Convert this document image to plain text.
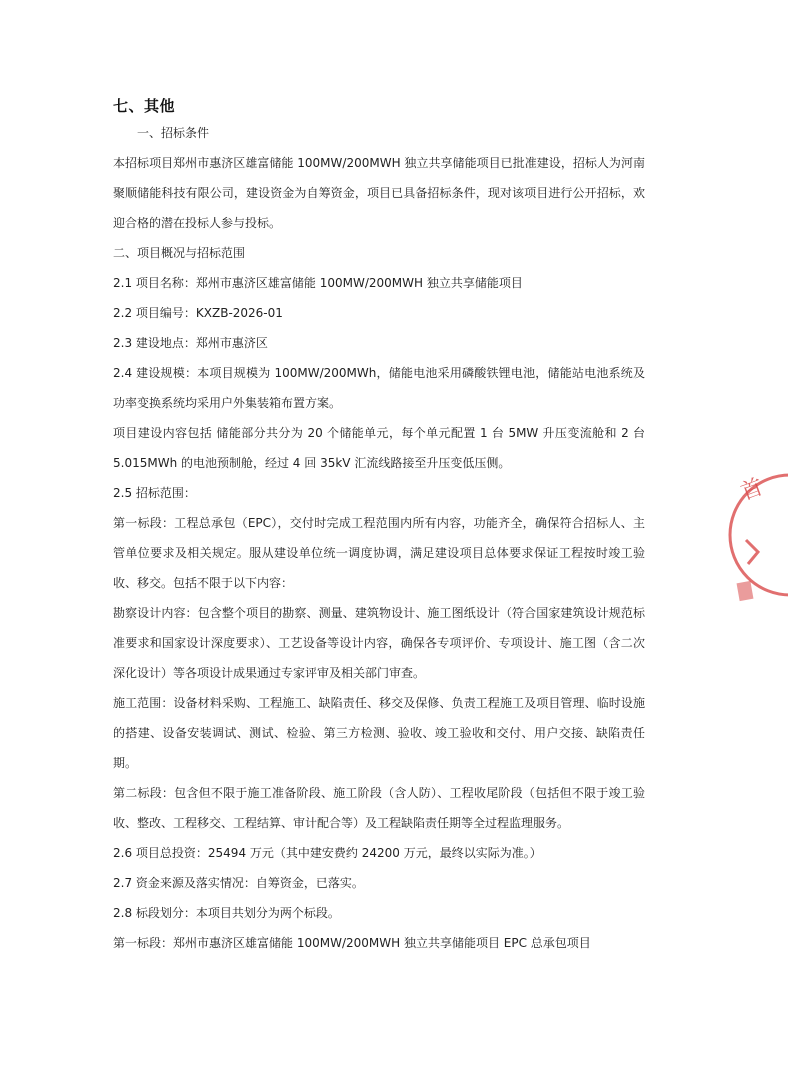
七、其他

一、招标条件

本招标项目郑州市惠济区雄富储能 100MW/200MWH 独立共享储能项目已批准建设，招标人为河南聚顺储能科技有限公司，建设资金为自筹资金，项目已具备招标条件，现对该项目进行公开招标，欢迎合格的潜在投标人参与投标。

二、项目概况与招标范围

2.1 项目名称：郑州市惠济区雄富储能 100MW/200MWH 独立共享储能项目

2.2 项目编号：KXZB-2026-01

2.3 建设地点：郑州市惠济区

2.4 建设规模：本项目规模为 100MW/200MWh，储能电池采用磷酸铁锂电池，储能站电池系统及功率变换系统均采用户外集装箱布置方案。

项目建设内容包括 储能部分共分为 20 个储能单元，每个单元配置 1 台 5MW 升压变流舱和 2 台 5.015MWh 的电池预制舱，经过 4 回 35kV 汇流线路接至升压变低压侧。

2.5 招标范围：

第一标段：工程总承包（EPC），交付时完成工程范围内所有内容，功能齐全，确保符合招标人、主管单位要求及相关规定。服从建设单位统一调度协调，满足建设项目总体要求保证工程按时竣工验收、移交。包括不限于以下内容：

勘察设计内容：包含整个项目的勘察、测量、建筑物设计、施工图纸设计（符合国家建筑设计规范标准要求和国家设计深度要求）、工艺设备等设计内容，确保各专项评价、专项设计、施工图（含二次深化设计）等各项设计成果通过专家评审及相关部门审查。

施工范围：设备材料采购、工程施工、缺陷责任、移交及保修、负责工程施工及项目管理、临时设施的搭建、设备安装调试、测试、检验、第三方检测、验收、竣工验收和交付、用户交接、缺陷责任期。

第二标段：包含但不限于施工准备阶段、施工阶段（含人防）、工程收尾阶段（包括但不限于竣工验收、整改、工程移交、工程结算、审计配合等）及工程缺陷责任期等全过程监理服务。

2.6 项目总投资：25494 万元（其中建安费约 24200 万元，最终以实际为准。）

2.7 资金来源及落实情况：自筹资金，已落实。

2.8 标段划分：本项目共划分为两个标段。

第一标段：郑州市惠济区雄富储能 100MW/200MWH 独立共享储能项目 EPC 总承包项目

首
